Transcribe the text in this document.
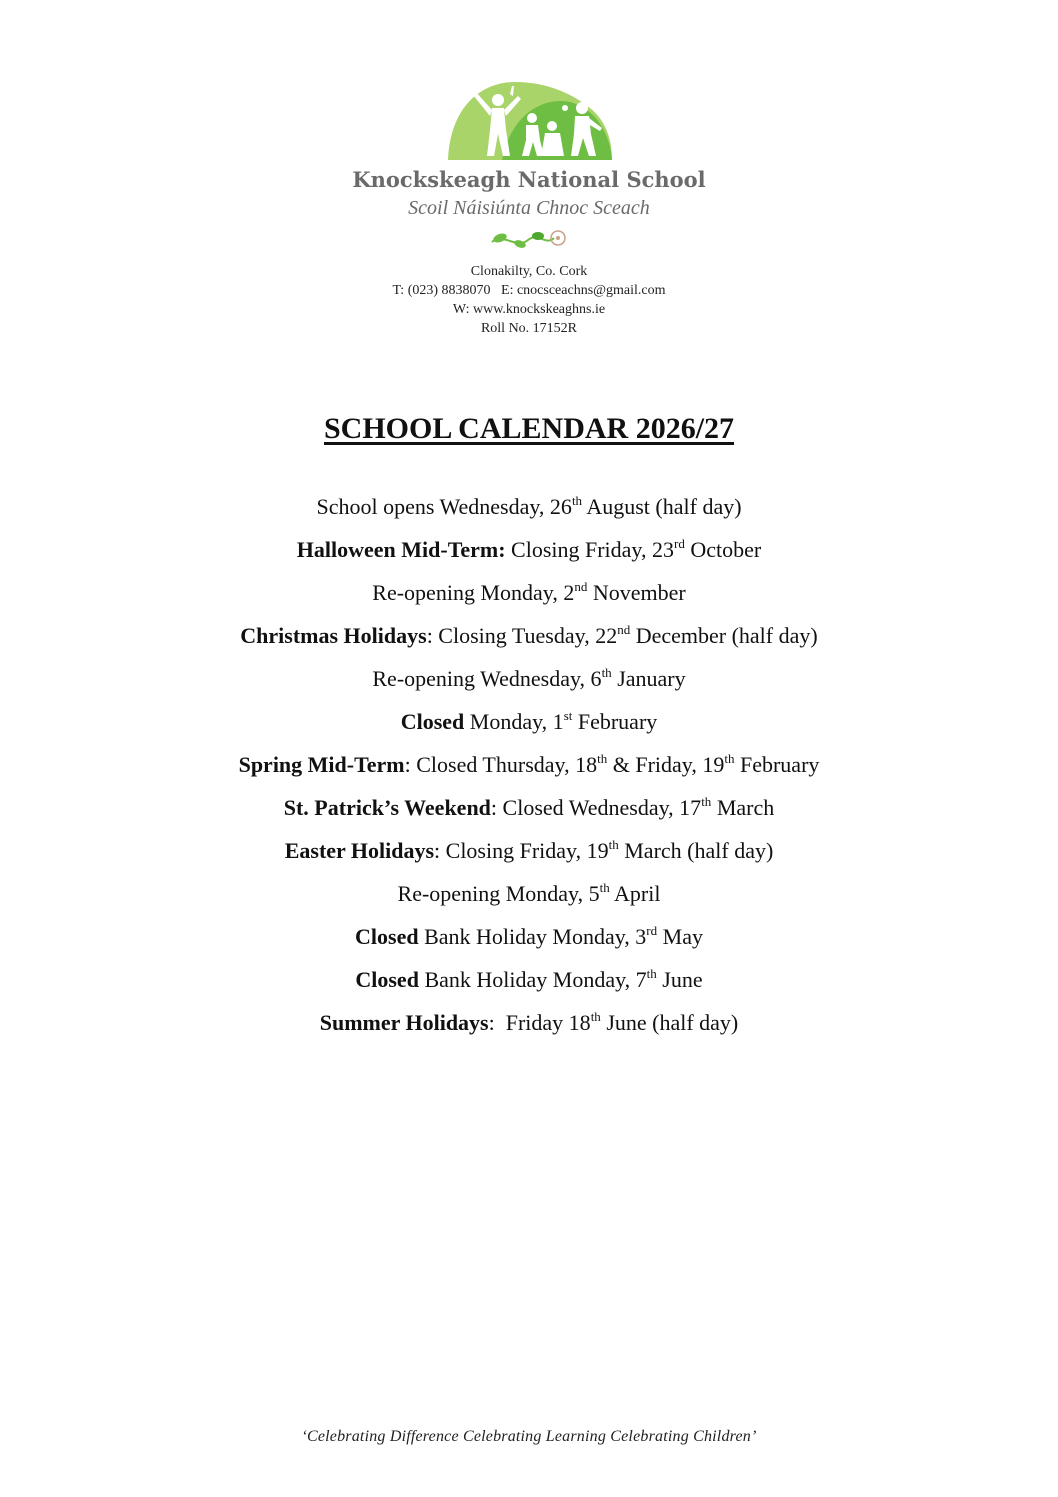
Knockskeagh National School
Scoil Náisiúnta Chnoc Sceach
Clonakilty, Co. Cork
T: (023) 8838070   E: cnocsceachns@gmail.com
W: www.knockskeaghns.ie
Roll No. 17152R
SCHOOL CALENDAR 2026/27
School opens Wednesday, 26th August (half day)
Halloween Mid-Term: Closing Friday, 23rd October
Re-opening Monday, 2nd November
Christmas Holidays: Closing Tuesday, 22nd December (half day)
Re-opening Wednesday, 6th January
Closed Monday, 1st February
Spring Mid-Term: Closed Thursday, 18th & Friday, 19th February
St. Patrick’s Weekend: Closed Wednesday, 17th March
Easter Holidays: Closing Friday, 19th March (half day)
Re-opening Monday, 5th April
Closed Bank Holiday Monday, 3rd May
Closed Bank Holiday Monday, 7th June
Summer Holidays:  Friday 18th June (half day)
‘Celebrating Difference Celebrating Learning Celebrating Children’
